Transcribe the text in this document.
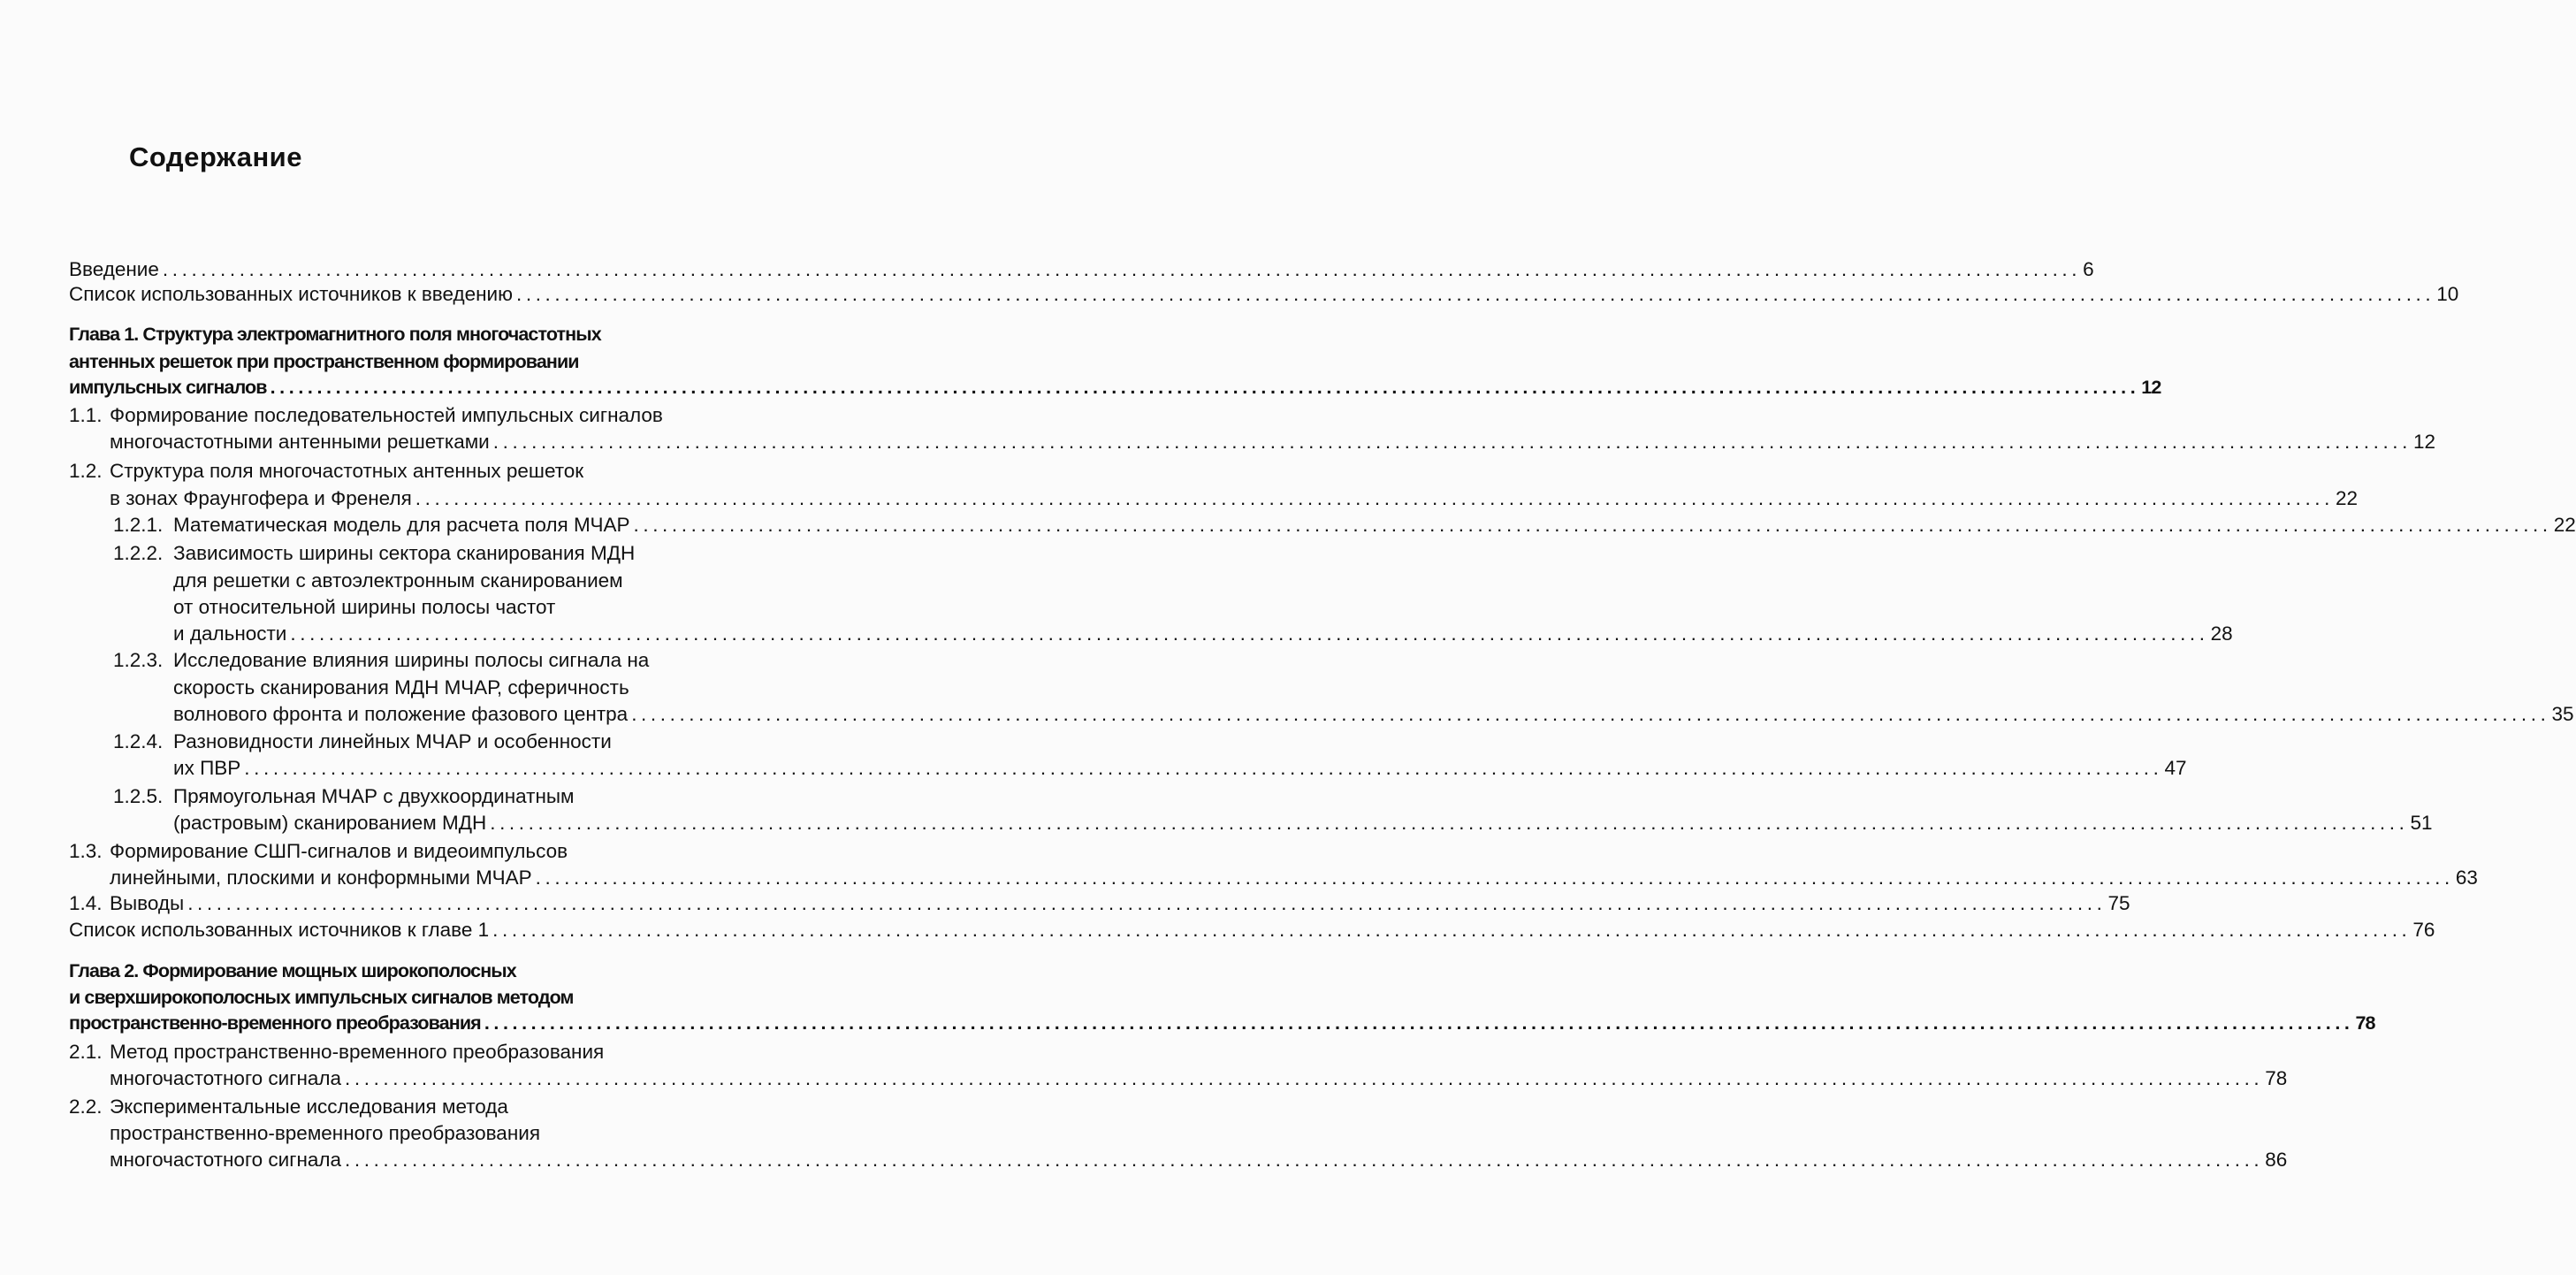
Содержание
Введение ........................................................................................................................................................................................................ 6
Список использованных источников к введению ........................................................................................................................................................................................................ 10
Глава 1. Структура электромагнитного поля многочастотных
антенных решеток при пространственном формировании
импульсных сигналов ........................................................................................................................................................................................................ 12
1.1. Формирование последовательностей импульсных сигналов
многочастотными антенными решетками ........................................................................................................................................................................................................ 12
1.2. Структура поля многочастотных антенных решеток
в зонах Фраунгофера и Френеля ........................................................................................................................................................................................................ 22
1.2.1. Математическая модель для расчета поля МЧАР ........................................................................................................................................................................................................ 22
1.2.2. Зависимость ширины сектора сканирования МДН
для решетки с автоэлектронным сканированием
от относительной ширины полосы частот
и дальности ........................................................................................................................................................................................................ 28
1.2.3. Исследование влияния ширины полосы сигнала на
скорость сканирования МДН МЧАР, сферичность
волнового фронта и положение фазового центра ........................................................................................................................................................................................................ 35
1.2.4. Разновидности линейных МЧАР и особенности
их ПВР ........................................................................................................................................................................................................ 47
1.2.5. Прямоугольная МЧАР с двухкоординатным
(растровым) сканированием МДН ........................................................................................................................................................................................................ 51
1.3. Формирование СШП-сигналов и видеоимпульсов
линейными, плоскими и конформными МЧАР ........................................................................................................................................................................................................ 63
1.4. Выводы ........................................................................................................................................................................................................ 75
Список использованных источников к главе 1 ........................................................................................................................................................................................................ 76
Глава 2. Формирование мощных широкополосных
и сверхширокополосных импульсных сигналов методом
пространственно-временного преобразования ........................................................................................................................................................................................................ 78
2.1. Метод пространственно-временного преобразования
многочастотного сигнала ........................................................................................................................................................................................................ 78
2.2. Экспериментальные исследования метода
пространственно-временного преобразования
многочастотного сигнала ........................................................................................................................................................................................................ 86
